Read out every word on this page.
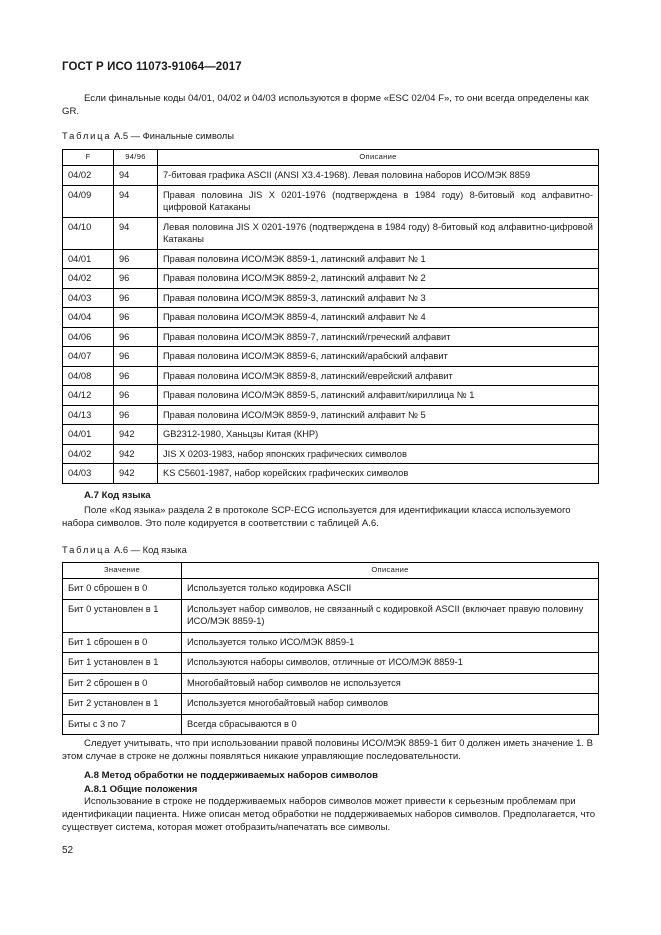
ГОСТ Р ИСО 11073-91064—2017
Если финальные коды 04/01, 04/02 и 04/03 используются в форме «ESC 02/04 F», то они всегда определены как GR.
Таблица А.5 — Финальные символы
F	94/96	Описание
04/02	94	7-битовая графика ASCII (ANSI X3.4-1968). Левая половина наборов ИСО/МЭК 8859
04/09	94	Правая половина JIS X 0201-1976 (подтверждена в 1984 году) 8-битовый код алфавитно-цифровой Катаканы
04/10	94	Левая половина JIS X 0201-1976 (подтверждена в 1984 году) 8-битовый код алфавитно-цифровой Катаканы
04/01	96	Правая половина ИСО/МЭК 8859-1, латинский алфавит № 1
04/02	96	Правая половина ИСО/МЭК 8859-2, латинский алфавит № 2
04/03	96	Правая половина ИСО/МЭК 8859-3, латинский алфавит № 3
04/04	96	Правая половина ИСО/МЭК 8859-4, латинский алфавит № 4
04/06	96	Правая половина ИСО/МЭК 8859-7, латинский/греческий алфавит
04/07	96	Правая половина ИСО/МЭК 8859-6, латинский/арабский алфавит
04/08	96	Правая половина ИСО/МЭК 8859-8, латинский/еврейский алфавит
04/12	96	Правая половина ИСО/МЭК 8859-5, латинский алфавит/кириллица № 1
04/13	96	Правая половина ИСО/МЭК 8859-9, латинский алфавит № 5
04/01	942	GB2312-1980, Ханьцзы Китая (КНР)
04/02	942	JIS X 0203-1983, набор японских графических символов
04/03	942	KS C5601-1987, набор корейских графических символов
А.7 Код языка
Поле «Код языка» раздела 2 в протоколе SCP-ECG используется для идентификации класса используемого набора символов. Это поле кодируется в соответствии с таблицей А.6.
Таблица А.6 — Код языка
Значение	Описание
Бит 0 сброшен в 0	Используется только кодировка ASCII
Бит 0 установлен в 1	Использует набор символов, не связанный с кодировкой ASCII (включает правую половину ИСО/МЭК 8859-1)
Бит 1 сброшен в 0	Используется только ИСО/МЭК 8859-1
Бит 1 установлен в 1	Используются наборы символов, отличные от ИСО/МЭК 8859-1
Бит 2 сброшен в 0	Многобайтовый набор символов не используется
Бит 2 установлен в 1	Используется многобайтовый набор символов
Биты с 3 по 7	Всегда сбрасываются в 0
Следует учитывать, что при использовании правой половины ИСО/МЭК 8859-1 бит 0 должен иметь значение 1. В этом случае в строке не должны появляться никакие управляющие последовательности.
А.8 Метод обработки не поддерживаемых наборов символов
А.8.1 Общие положения
Использование в строке не поддерживаемых наборов символов может привести к серьезным проблемам при идентификации пациента. Ниже описан метод обработки не поддерживаемых наборов символов. Предполагается, что существует система, которая может отобразить/напечатать все символы.
52
